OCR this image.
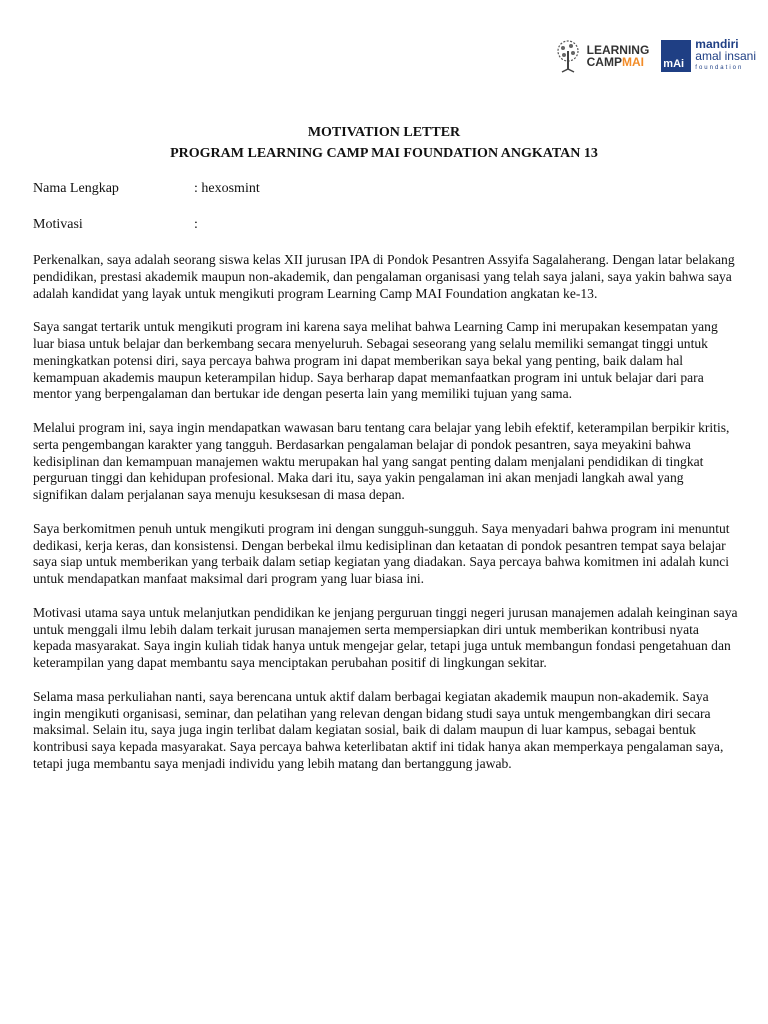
LEARNING
CAMPMAI	mAi
mandiri
amal insani
foundation

MOTIVATION LETTER

PROGRAM LEARNING CAMP MAI FOUNDATION ANGKATAN 13

Nama Lengkap	: hexosmint
Motivasi	:

Perkenalkan, saya adalah seorang siswa kelas XII jurusan IPA di Pondok Pesantren Assyifa Sagalaherang. Dengan latar belakang pendidikan, prestasi akademik maupun non-akademik, dan pengalaman organisasi yang telah saya jalani, saya yakin bahwa saya adalah kandidat yang layak untuk mengikuti program Learning Camp MAI Foundation angkatan ke-13.

Saya sangat tertarik untuk mengikuti program ini karena saya melihat bahwa Learning Camp ini merupakan kesempatan yang luar biasa untuk belajar dan berkembang secara menyeluruh. Sebagai seseorang yang selalu memiliki semangat tinggi untuk meningkatkan potensi diri, saya percaya bahwa program ini dapat memberikan saya bekal yang penting, baik dalam hal kemampuan akademis maupun keterampilan hidup. Saya berharap dapat memanfaatkan program ini untuk belajar dari para mentor yang berpengalaman dan bertukar ide dengan peserta lain yang memiliki tujuan yang sama.

Melalui program ini, saya ingin mendapatkan wawasan baru tentang cara belajar yang lebih efektif, keterampilan berpikir kritis, serta pengembangan karakter yang tangguh. Berdasarkan pengalaman belajar di pondok pesantren, saya meyakini bahwa kedisiplinan dan kemampuan manajemen waktu merupakan hal yang sangat penting dalam menjalani pendidikan di tingkat perguruan tinggi dan kehidupan profesional. Maka dari itu, saya yakin pengalaman ini akan menjadi langkah awal yang signifikan dalam perjalanan saya menuju kesuksesan di masa depan.

Saya berkomitmen penuh untuk mengikuti program ini dengan sungguh-sungguh. Saya menyadari bahwa program ini menuntut dedikasi, kerja keras, dan konsistensi. Dengan berbekal ilmu kedisiplinan dan ketaatan di pondok pesantren tempat saya belajar saya siap untuk memberikan yang terbaik dalam setiap kegiatan yang diadakan. Saya percaya bahwa komitmen ini adalah kunci untuk mendapatkan manfaat maksimal dari program yang luar biasa ini.

Motivasi utama saya untuk melanjutkan pendidikan ke jenjang perguruan tinggi negeri jurusan manajemen adalah keinginan saya untuk menggali ilmu lebih dalam terkait jurusan manajemen serta mempersiapkan diri untuk memberikan kontribusi nyata kepada masyarakat. Saya ingin kuliah tidak hanya untuk mengejar gelar, tetapi juga untuk membangun fondasi pengetahuan dan keterampilan yang dapat membantu saya menciptakan perubahan positif di lingkungan sekitar.

Selama masa perkuliahan nanti, saya berencana untuk aktif dalam berbagai kegiatan akademik maupun non-akademik. Saya ingin mengikuti organisasi, seminar, dan pelatihan yang relevan dengan bidang studi saya untuk mengembangkan diri secara maksimal. Selain itu, saya juga ingin terlibat dalam kegiatan sosial, baik di dalam maupun di luar kampus, sebagai bentuk kontribusi saya kepada masyarakat. Saya percaya bahwa keterlibatan aktif ini tidak hanya akan memperkaya pengalaman saya, tetapi juga membantu saya menjadi individu yang lebih matang dan bertanggung jawab.
